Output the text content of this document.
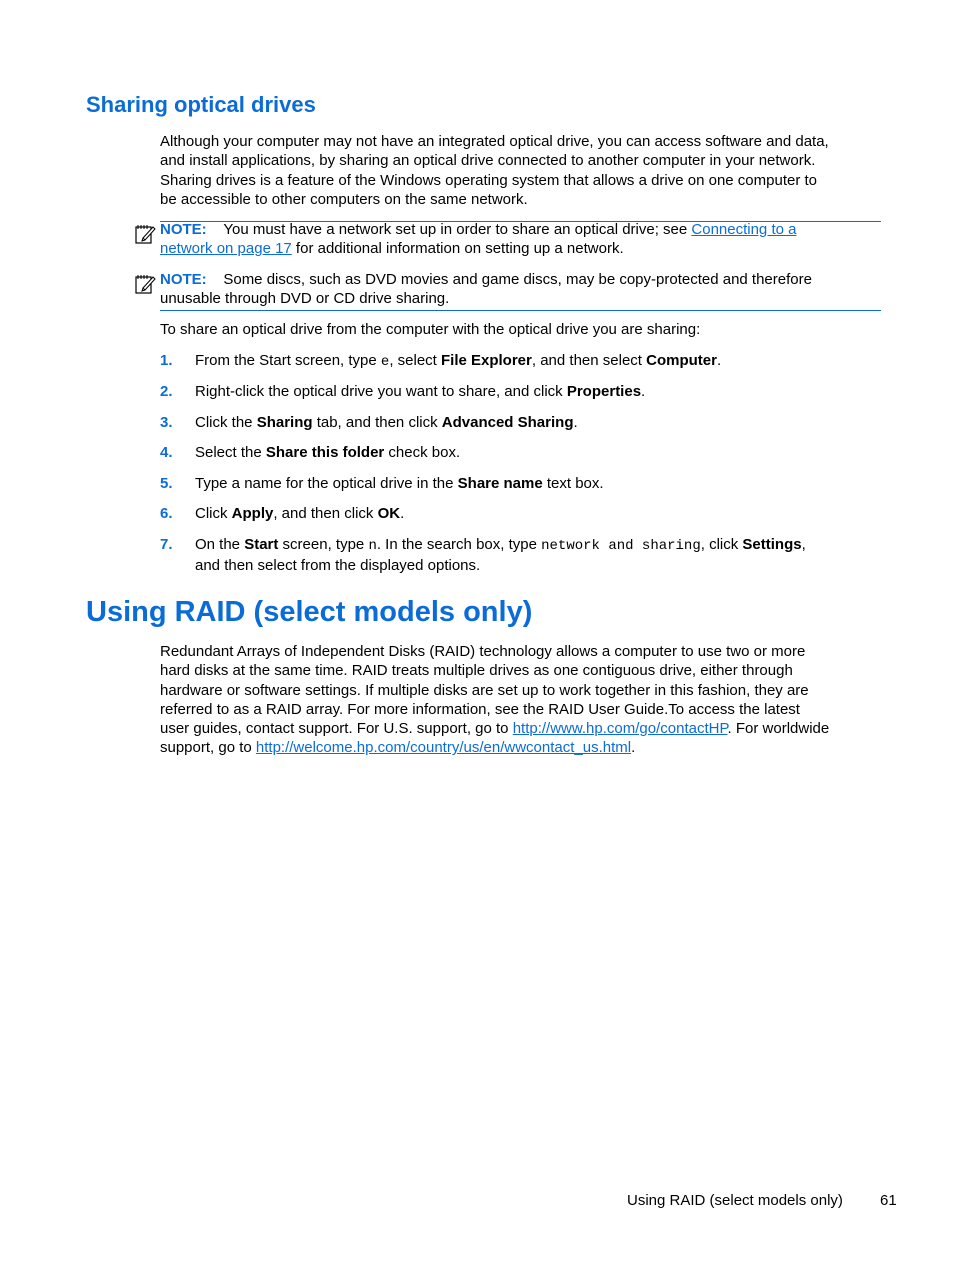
Sharing optical drives

Although your computer may not have an integrated optical drive, you can access software and data,

and install applications, by sharing an optical drive connected to another computer in your network.

Sharing drives is a feature of the Windows operating system that allows a drive on one computer to

be accessible to other computers on the same network.

NOTE: You must have a network set up in order to share an optical drive; see Connecting to a

network on page 17 for additional information on setting up a network.

NOTE: Some discs, such as DVD movies and game discs, may be copy-protected and therefore

unusable through DVD or CD drive sharing.

To share an optical drive from the computer with the optical drive you are sharing:

1. From the Start screen, type e, select File Explorer, and then select Computer.
2. Right-click the optical drive you want to share, and click Properties.
3. Click the Sharing tab, and then click Advanced Sharing.
4. Select the Share this folder check box.
5. Type a name for the optical drive in the Share name text box.
6. Click Apply, and then click OK.
7. On the Start screen, type n. In the search box, type network and sharing, click Settings,
and then select from the displayed options.
Using RAID (select models only)

Redundant Arrays of Independent Disks (RAID) technology allows a computer to use two or more

hard disks at the same time. RAID treats multiple drives as one contiguous drive, either through

hardware or software settings. If multiple disks are set up to work together in this fashion, they are

referred to as a RAID array. For more information, see the RAID User Guide.To access the latest

user guides, contact support. For U.S. support, go to http://www.hp.com/go/contactHP. For worldwide

support, go to http://welcome.hp.com/country/us/en/wwcontact_us.html.

Using RAID (select models only) 61
